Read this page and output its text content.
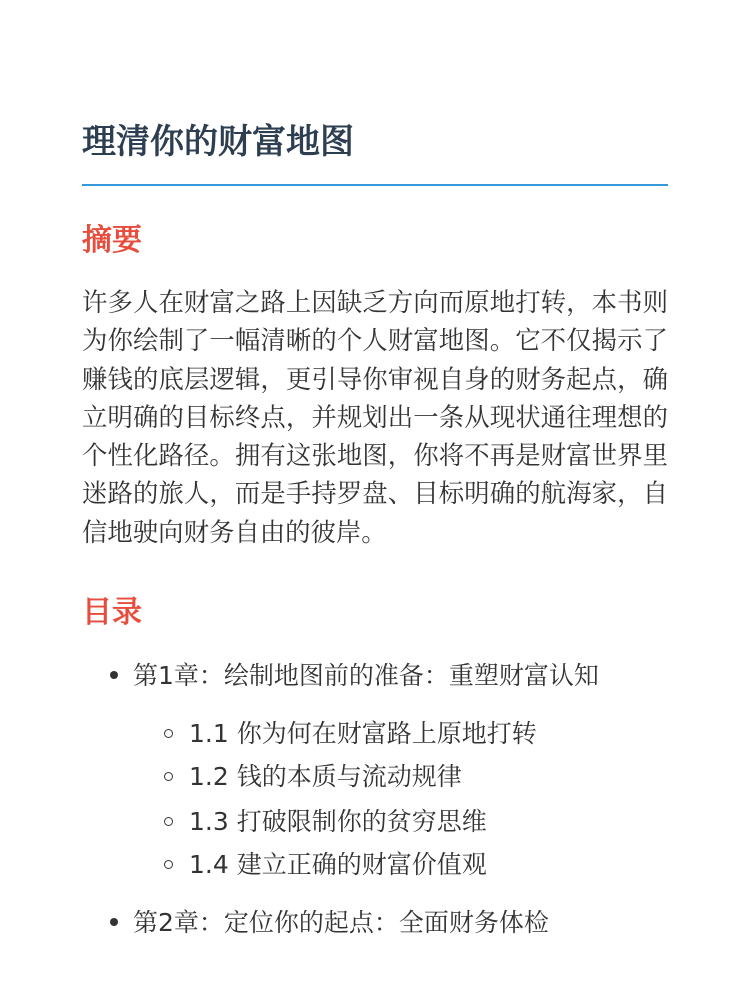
理清你的财富地图
摘要

许多人在财富之路上因缺乏方向而原地打转，本书则为你绘制了一幅清晰的个人财富地图。它不仅揭示了赚钱的底层逻辑，更引导你审视自身的财务起点，确立明确的目标终点，并规划出一条从现状通往理想的个性化路径。拥有这张地图，你将不再是财富世界里迷路的旅人，而是手持罗盘、目标明确的航海家，自信地驶向财务自由的彼岸。

目录
第1章：绘制地图前的准备：重塑财富认知
1.1 你为何在财富路上原地打转
1.2 钱的本质与流动规律
1.3 打破限制你的贫穷思维
1.4 建立正确的财富价值观
第2章：定位你的起点：全面财务体检
